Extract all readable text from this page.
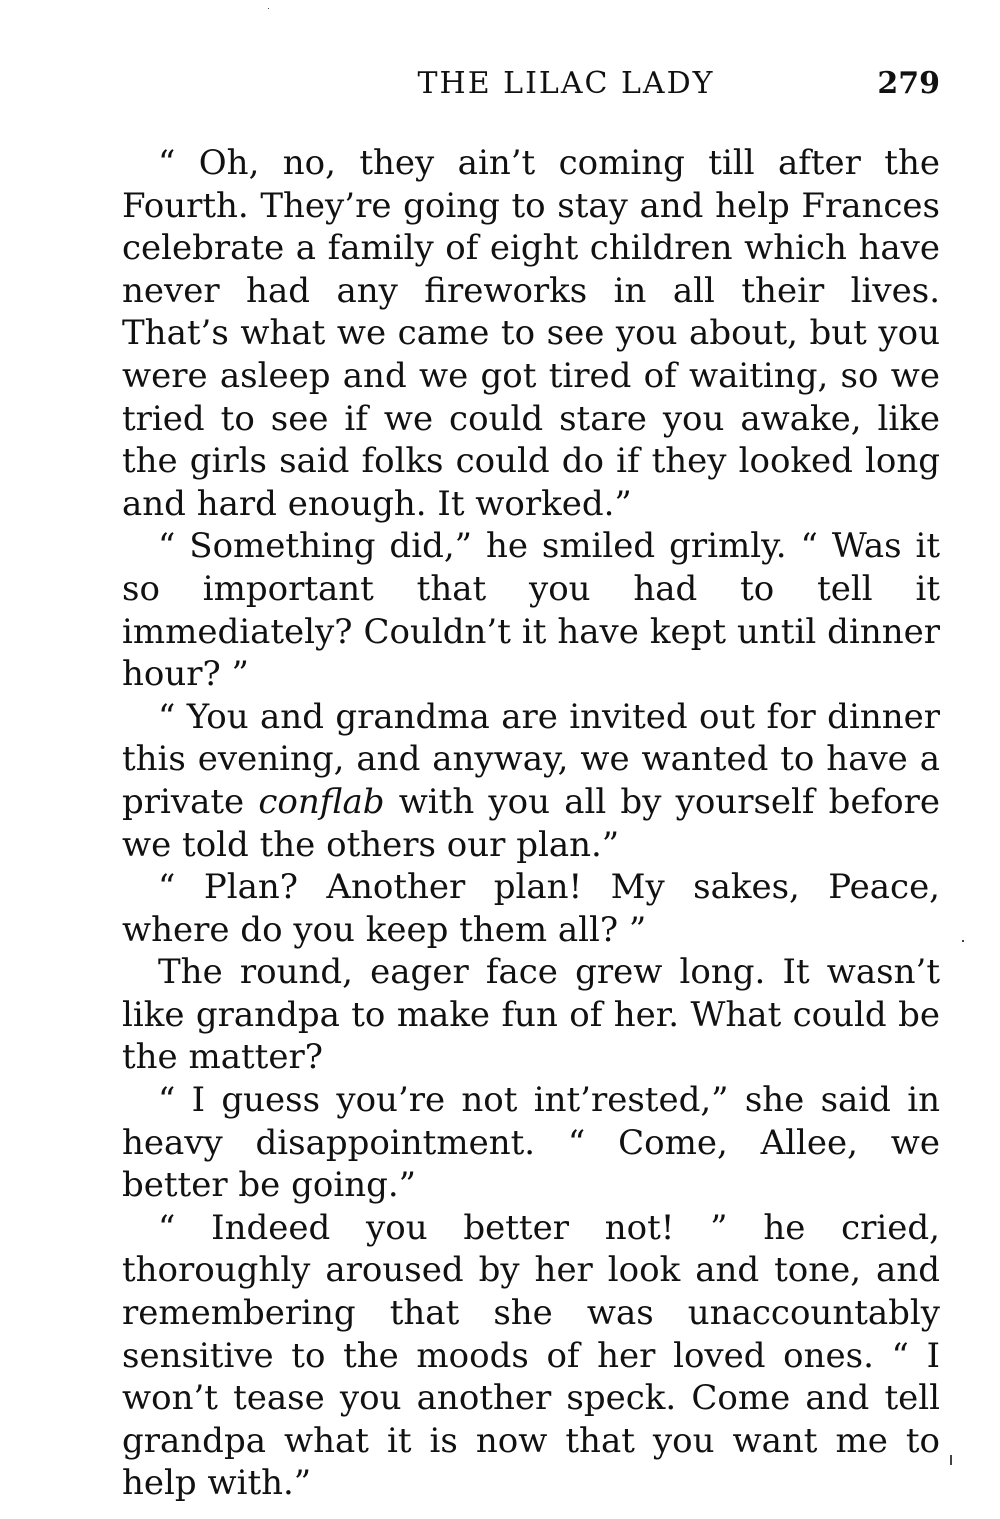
THE LILAC LADY	279

“ Oh, no, they ain’t coming till after the Fourth. They’re going to stay and help Frances celebrate a family of eight children which have never had any fireworks in all their lives. That’s what we came to see you about, but you were asleep and we got tired of waiting, so we tried to see if we could stare you awake, like the girls said folks could do if they looked long and hard enough. It worked.”

“ Something did,” he smiled grimly. “ Was it so important that you had to tell it immediately? Couldn’t it have kept until dinner hour? ”

“ You and grandma are invited out for dinner this evening, and anyway, we wanted to have a private conflab with you all by yourself before we told the others our plan.”

“ Plan? Another plan! My sakes, Peace, where do you keep them all? ”

The round, eager face grew long. It wasn’t like grandpa to make fun of her. What could be the matter?

“ I guess you’re not int’rested,” she said in heavy disappointment. “ Come, Allee, we better be going.”

“ Indeed you better not! ” he cried, thoroughly aroused by her look and tone, and remembering that she was unaccountably sensitive to the moods of her loved ones. “ I won’t tease you another speck. Come and tell grandpa what it is now that you want me to help with.”
